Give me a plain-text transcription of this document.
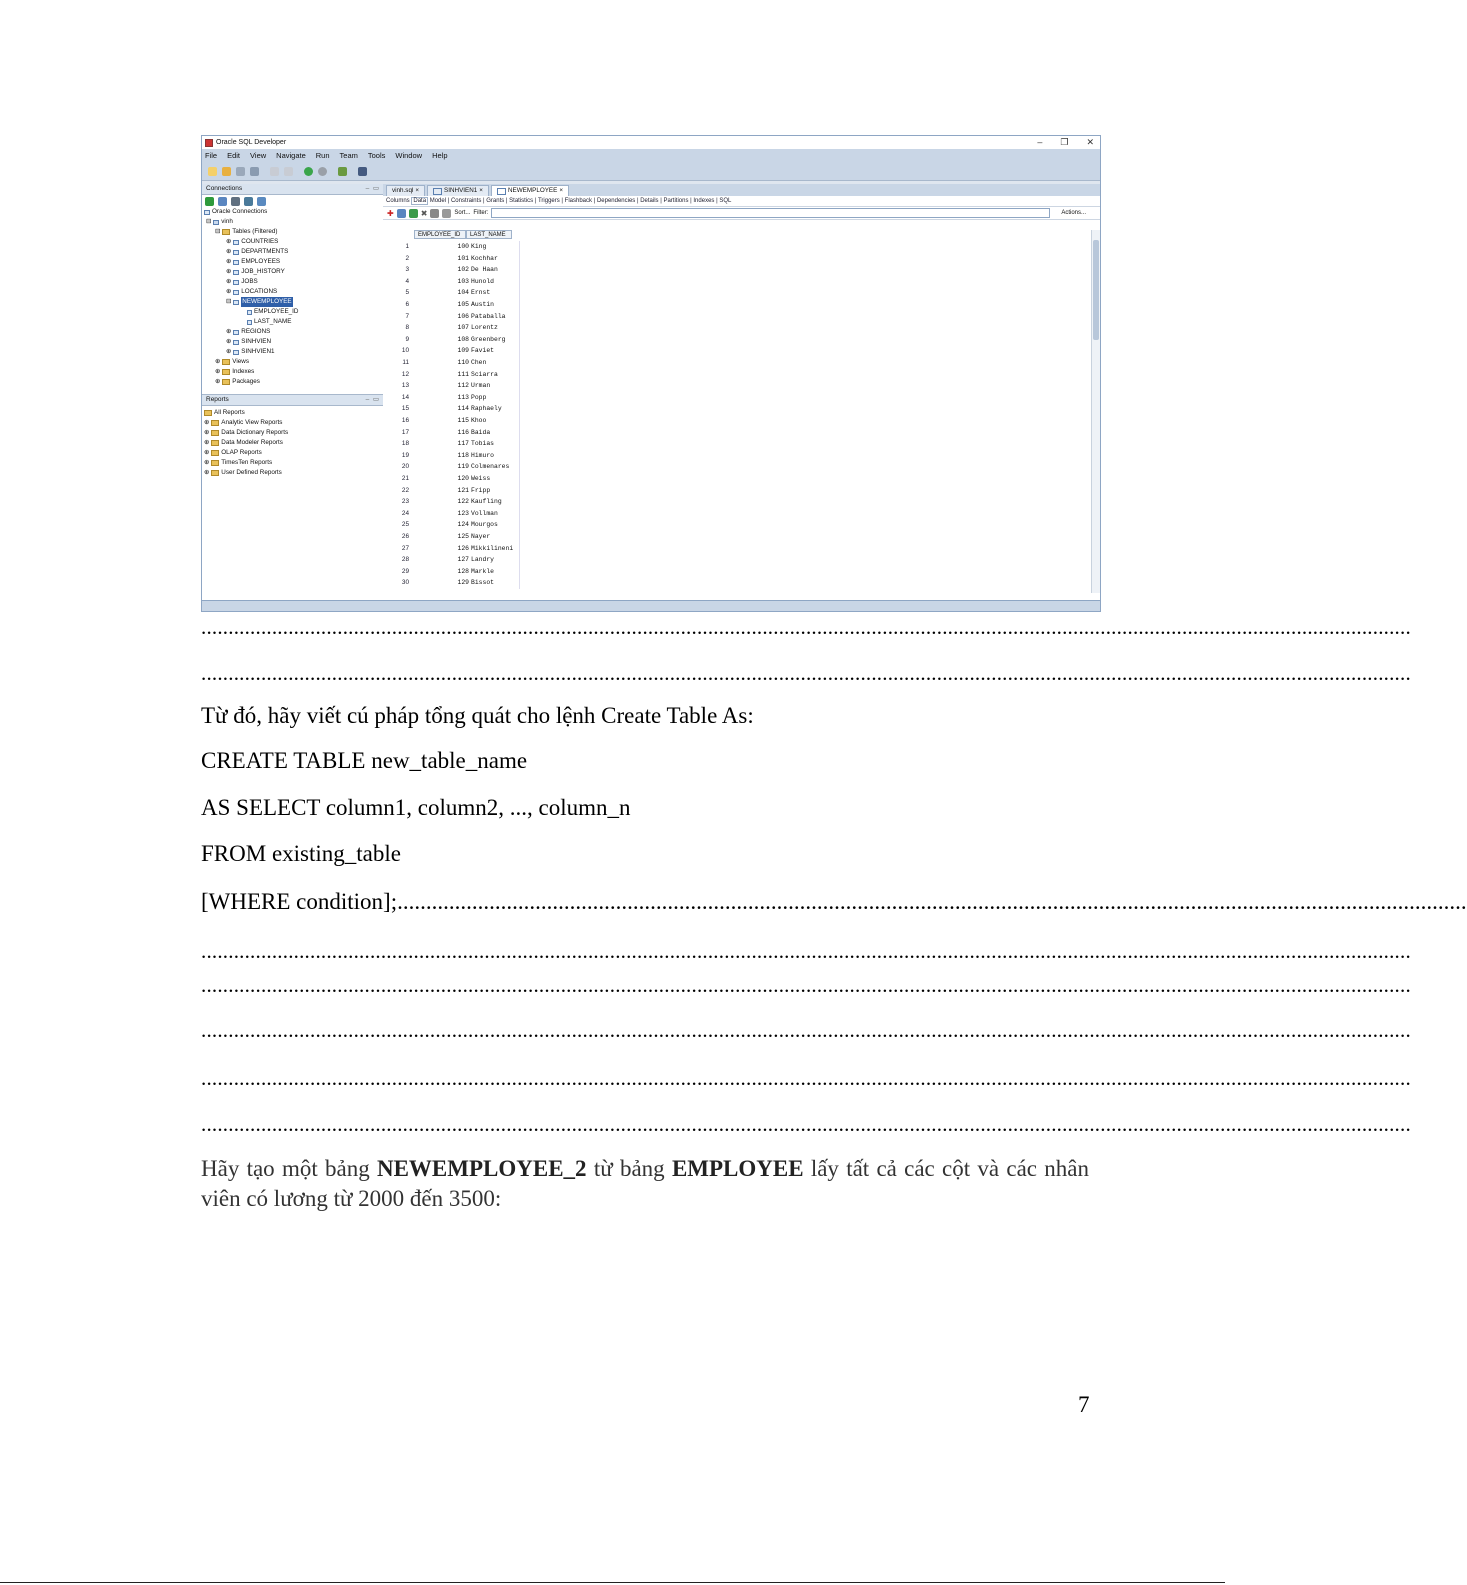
Oracle SQL Developer	– ❐ ✕
File Edit View Navigate Run Team Tools Window Help
Connections	–  ▭
Oracle Connections
⊟ vinh
⊟ Tables (Filtered)
⊕ COUNTRIES
⊕ DEPARTMENTS
⊕ EMPLOYEES
⊕ JOB_HISTORY
⊕ JOBS
⊕ LOCATIONS
⊟ NEWEMPLOYEE
EMPLOYEE_ID
LAST_NAME
⊕ REGIONS
⊕ SINHVIEN
⊕ SINHVIEN1
⊕ Views
⊕ Indexes
⊕ Packages
Reports	–  ▭
All Reports
⊕ Analytic View Reports
⊕ Data Dictionary Reports
⊕ Data Modeler Reports
⊕ OLAP Reports
⊕ TimesTen Reports
⊕ User Defined Reports
vinh.sql ×	SINHVIEN1 ×	NEWEMPLOYEE ×
Columns Data Model | Constraints | Grants | Statistics | Triggers | Flashback | Dependencies | Details | Partitions | Indexes | SQL
✚	✖	Sort... Filter:	Actions...
EMPLOYEE_ID	LAST_NAME
1	100 King
2	101 Kochhar
3	102 De Haan
4	103 Hunold
5	104 Ernst
6	105 Austin
7	106 Pataballa
8	107 Lorentz
9	108 Greenberg
10	109 Faviet
11	110 Chen
12	111 Sciarra
13	112 Urman
14	113 Popp
15	114 Raphaely
16	115 Khoo
17	116 Baida
18	117 Tobias
19	118 Himuro
20	119 Colmenares
21	120 Weiss
22	121 Fripp
23	122 Kaufling
24	123 Vollman
25	124 Mourgos
26	125 Nayer
27	126 Mikkilineni
28	127 Landry
29	128 Markle
30	129 Bissot
..............................................................................................................................................................................................................................
..............................................................................................................................................................................................................................
Từ đó, hãy viết cú pháp tổng quát cho lệnh Create Table As:
CREATE TABLE new_table_name
AS SELECT column1, column2, ..., column_n
FROM existing_table
[WHERE condition];..........................................................................................................................................................................................
..............................................................................................................................................................................................................................
..............................................................................................................................................................................................................................
..............................................................................................................................................................................................................................
..............................................................................................................................................................................................................................
..............................................................................................................................................................................................................................
Hãy tạo một bảng NEWEMPLOYEE_2 từ bảng EMPLOYEE lấy tất cả các cột và các nhân viên có lương từ 2000 đến 3500:
7
